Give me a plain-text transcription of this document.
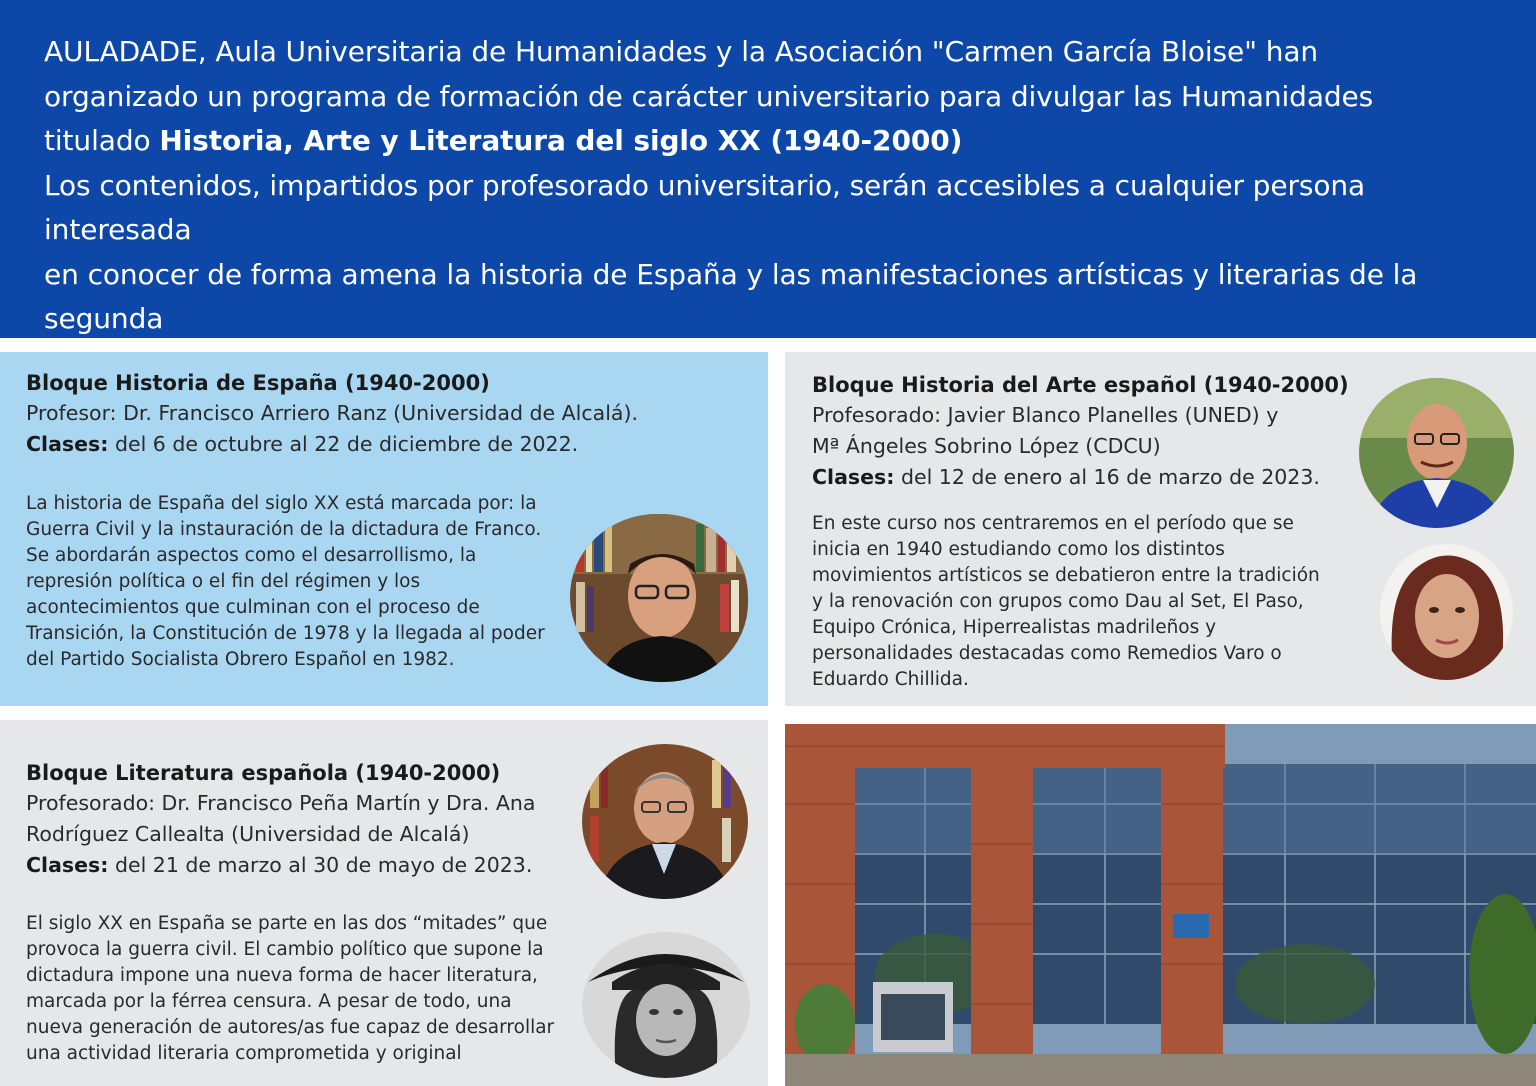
AULADADE, Aula Universitaria de Humanidades y la Asociación "Carmen García Bloise" han

organizado un programa de formación de carácter universitario para divulgar las Humanidades

titulado Historia, Arte y Literatura del siglo XX (1940-2000)

Los contenidos, impartidos por profesorado universitario, serán accesibles a cualquier persona interesada

en conocer de forma amena la historia de España y las manifestaciones artísticas y literarias de la segunda

Bloque Historia de España (1940-2000)
Profesor: Dr. Francisco Arriero Ranz (Universidad de Alcalá).
Clases: del 6 de octubre al 22 de diciembre de 2022.
La historia de España del siglo XX está marcada por: la
Guerra Civil y la instauración de la dictadura de Franco.
Se abordarán aspectos como el desarrollismo, la
represión política o el fin del régimen y los
acontecimientos que culminan con el proceso de
Transición, la Constitución de 1978 y la llegada al poder
del Partido Socialista Obrero Español en 1982.
Bloque Historia del Arte español (1940-2000)
Profesorado: Javier Blanco Planelles (UNED) y
Mª Ángeles Sobrino López (CDCU)
Clases: del 12 de enero al 16 de marzo de 2023.
En este curso nos centraremos en el período que se
inicia en 1940 estudiando como los distintos
movimientos artísticos se debatieron entre la tradición
y la renovación con grupos como Dau al Set, El Paso,
Equipo Crónica, Hiperrealistas madrileños y
personalidades destacadas como Remedios Varo o
Eduardo Chillida.
Bloque Literatura española (1940-2000)
Profesorado: Dr. Francisco Peña Martín y Dra. Ana
Rodríguez Callealta (Universidad de Alcalá)
Clases: del 21 de marzo al 30 de mayo de 2023.
El siglo XX en España se parte en las dos “mitades” que
provoca la guerra civil. El cambio político que supone la
dictadura impone una nueva forma de hacer literatura,
marcada por la férrea censura. A pesar de todo, una
nueva generación de autores/as fue capaz de desarrollar
una actividad literaria comprometida y original
